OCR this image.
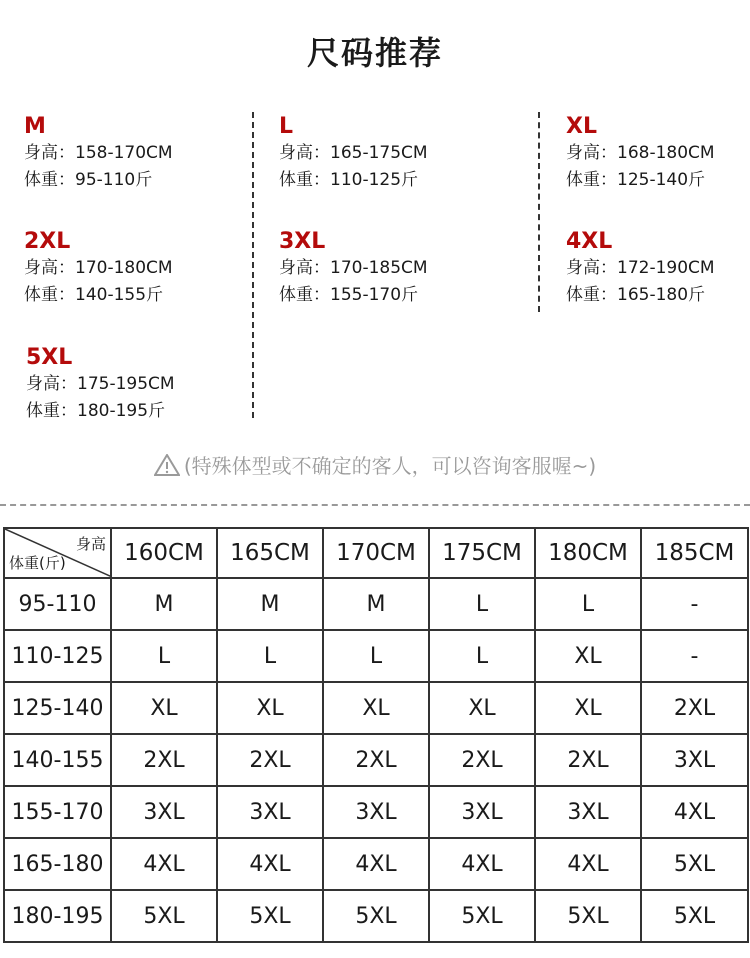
尺码推荐
M
身高：158-170CM
体重：95-110斤
L
身高：165-175CM
体重：110-125斤
XL
身高：168-180CM
体重：125-140斤
2XL
身高：170-180CM
体重：140-155斤
3XL
身高：170-185CM
体重：155-170斤
4XL
身高：172-190CM
体重：165-180斤
5XL
身高：175-195CM
体重：180-195斤
(特殊体型或不确定的客人，可以咨询客服喔~)
身高
体重(斤)	160CM	165CM	170CM	175CM	180CM	185CM
95-110	M	M	M	L	L	-
110-125	L	L	L	L	XL	-
125-140	XL	XL	XL	XL	XL	2XL
140-155	2XL	2XL	2XL	2XL	2XL	3XL
155-170	3XL	3XL	3XL	3XL	3XL	4XL
165-180	4XL	4XL	4XL	4XL	4XL	5XL
180-195	5XL	5XL	5XL	5XL	5XL	5XL
